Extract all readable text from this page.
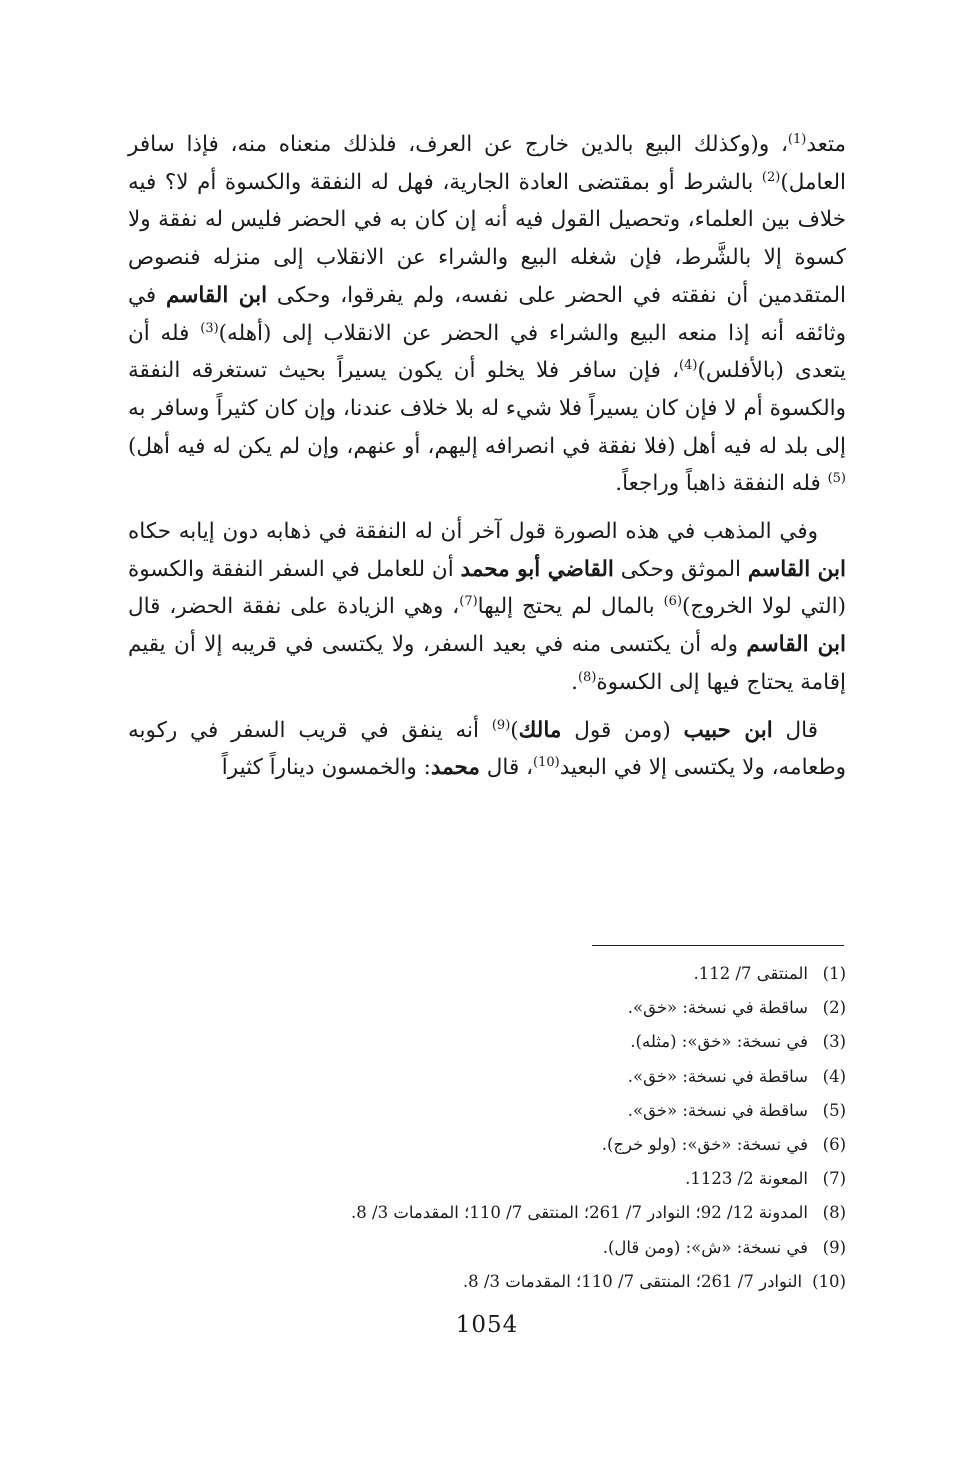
متعد$^{(1)}$، و(وكذلك البيع بالدين خارج عن العرف، فلذلك منعناه منه، فإذا سافر العامل)$^{(2)}$ بالشرط أو بمقتضى العادة الجارية، فهل له النفقة والكسوة أم لا؟ فيه خلاف بين العلماء، وتحصيل القول فيه أنه إن كان به في الحضر فليس له نفقة ولا كسوة إلا بالشَّرط، فإن شغله البيع والشراء عن الانقلاب إلى منزله فنصوص المتقدمين أن نفقته في الحضر على نفسه، ولم يفرقوا، وحكى ابن القاسم في وثائقه أنه إذا منعه البيع والشراء في الحضر عن الانقلاب إلى (أهله)$^{(3)}$ فله أن يتعدى (بالأفلس)$^{(4)}$، فإن سافر فلا يخلو أن يكون يسيراً بحيث تستغرقه النفقة والكسوة أم لا فإن كان يسيراً فلا شيء له بلا خلاف عندنا، وإن كان كثيراً وسافر به إلى بلد له فيه أهل (فلا نفقة في انصرافه إليهم، أو عنهم، وإن لم يكن له فيه أهل)$^{(5)}$ فله النفقة ذاهباً وراجعاً.

وفي المذهب في هذه الصورة قول آخر أن له النفقة في ذهابه دون إيابه حكاه ابن القاسم الموثق وحكى القاضي أبو محمد أن للعامل في السفر النفقة والكسوة (التي لولا الخروج)$^{(6)}$ بالمال لم يحتج إليها$^{(7)}$، وهي الزيادة على نفقة الحضر، قال ابن القاسم وله أن يكتسى منه في بعيد السفر، ولا يكتسى في قريبه إلا أن يقيم إقامة يحتاج فيها إلى الكسوة$^{(8)}$.

قال ابن حبيب (ومن قول مالك)$^{(9)}$ أنه ينفق في قريب السفر في ركوبه وطعامه، ولا يكتسى إلا في البعيد$^{(10)}$، قال محمد: والخمسون ديناراً كثيراً

(1)
المنتقى 7/ 112.
(2)
ساقطة في نسخة: «خق».
(3)
في نسخة: «خق»: (مثله).
(4)
ساقطة في نسخة: «خق».
(5)
ساقطة في نسخة: «خق».
(6)
في نسخة: «خق»: (ولو خرج).
(7)
المعونة 2/ 1123.
(8)
المدونة 12/ 92؛ النوادر 7/ 261؛ المنتقى 7/ 110؛ المقدمات 3/ 8.
(9)
في نسخة: «ش»: (ومن قال).
(10)
النوادر 7/ 261؛ المنتقى 7/ 110؛ المقدمات 3/ 8.
1054
